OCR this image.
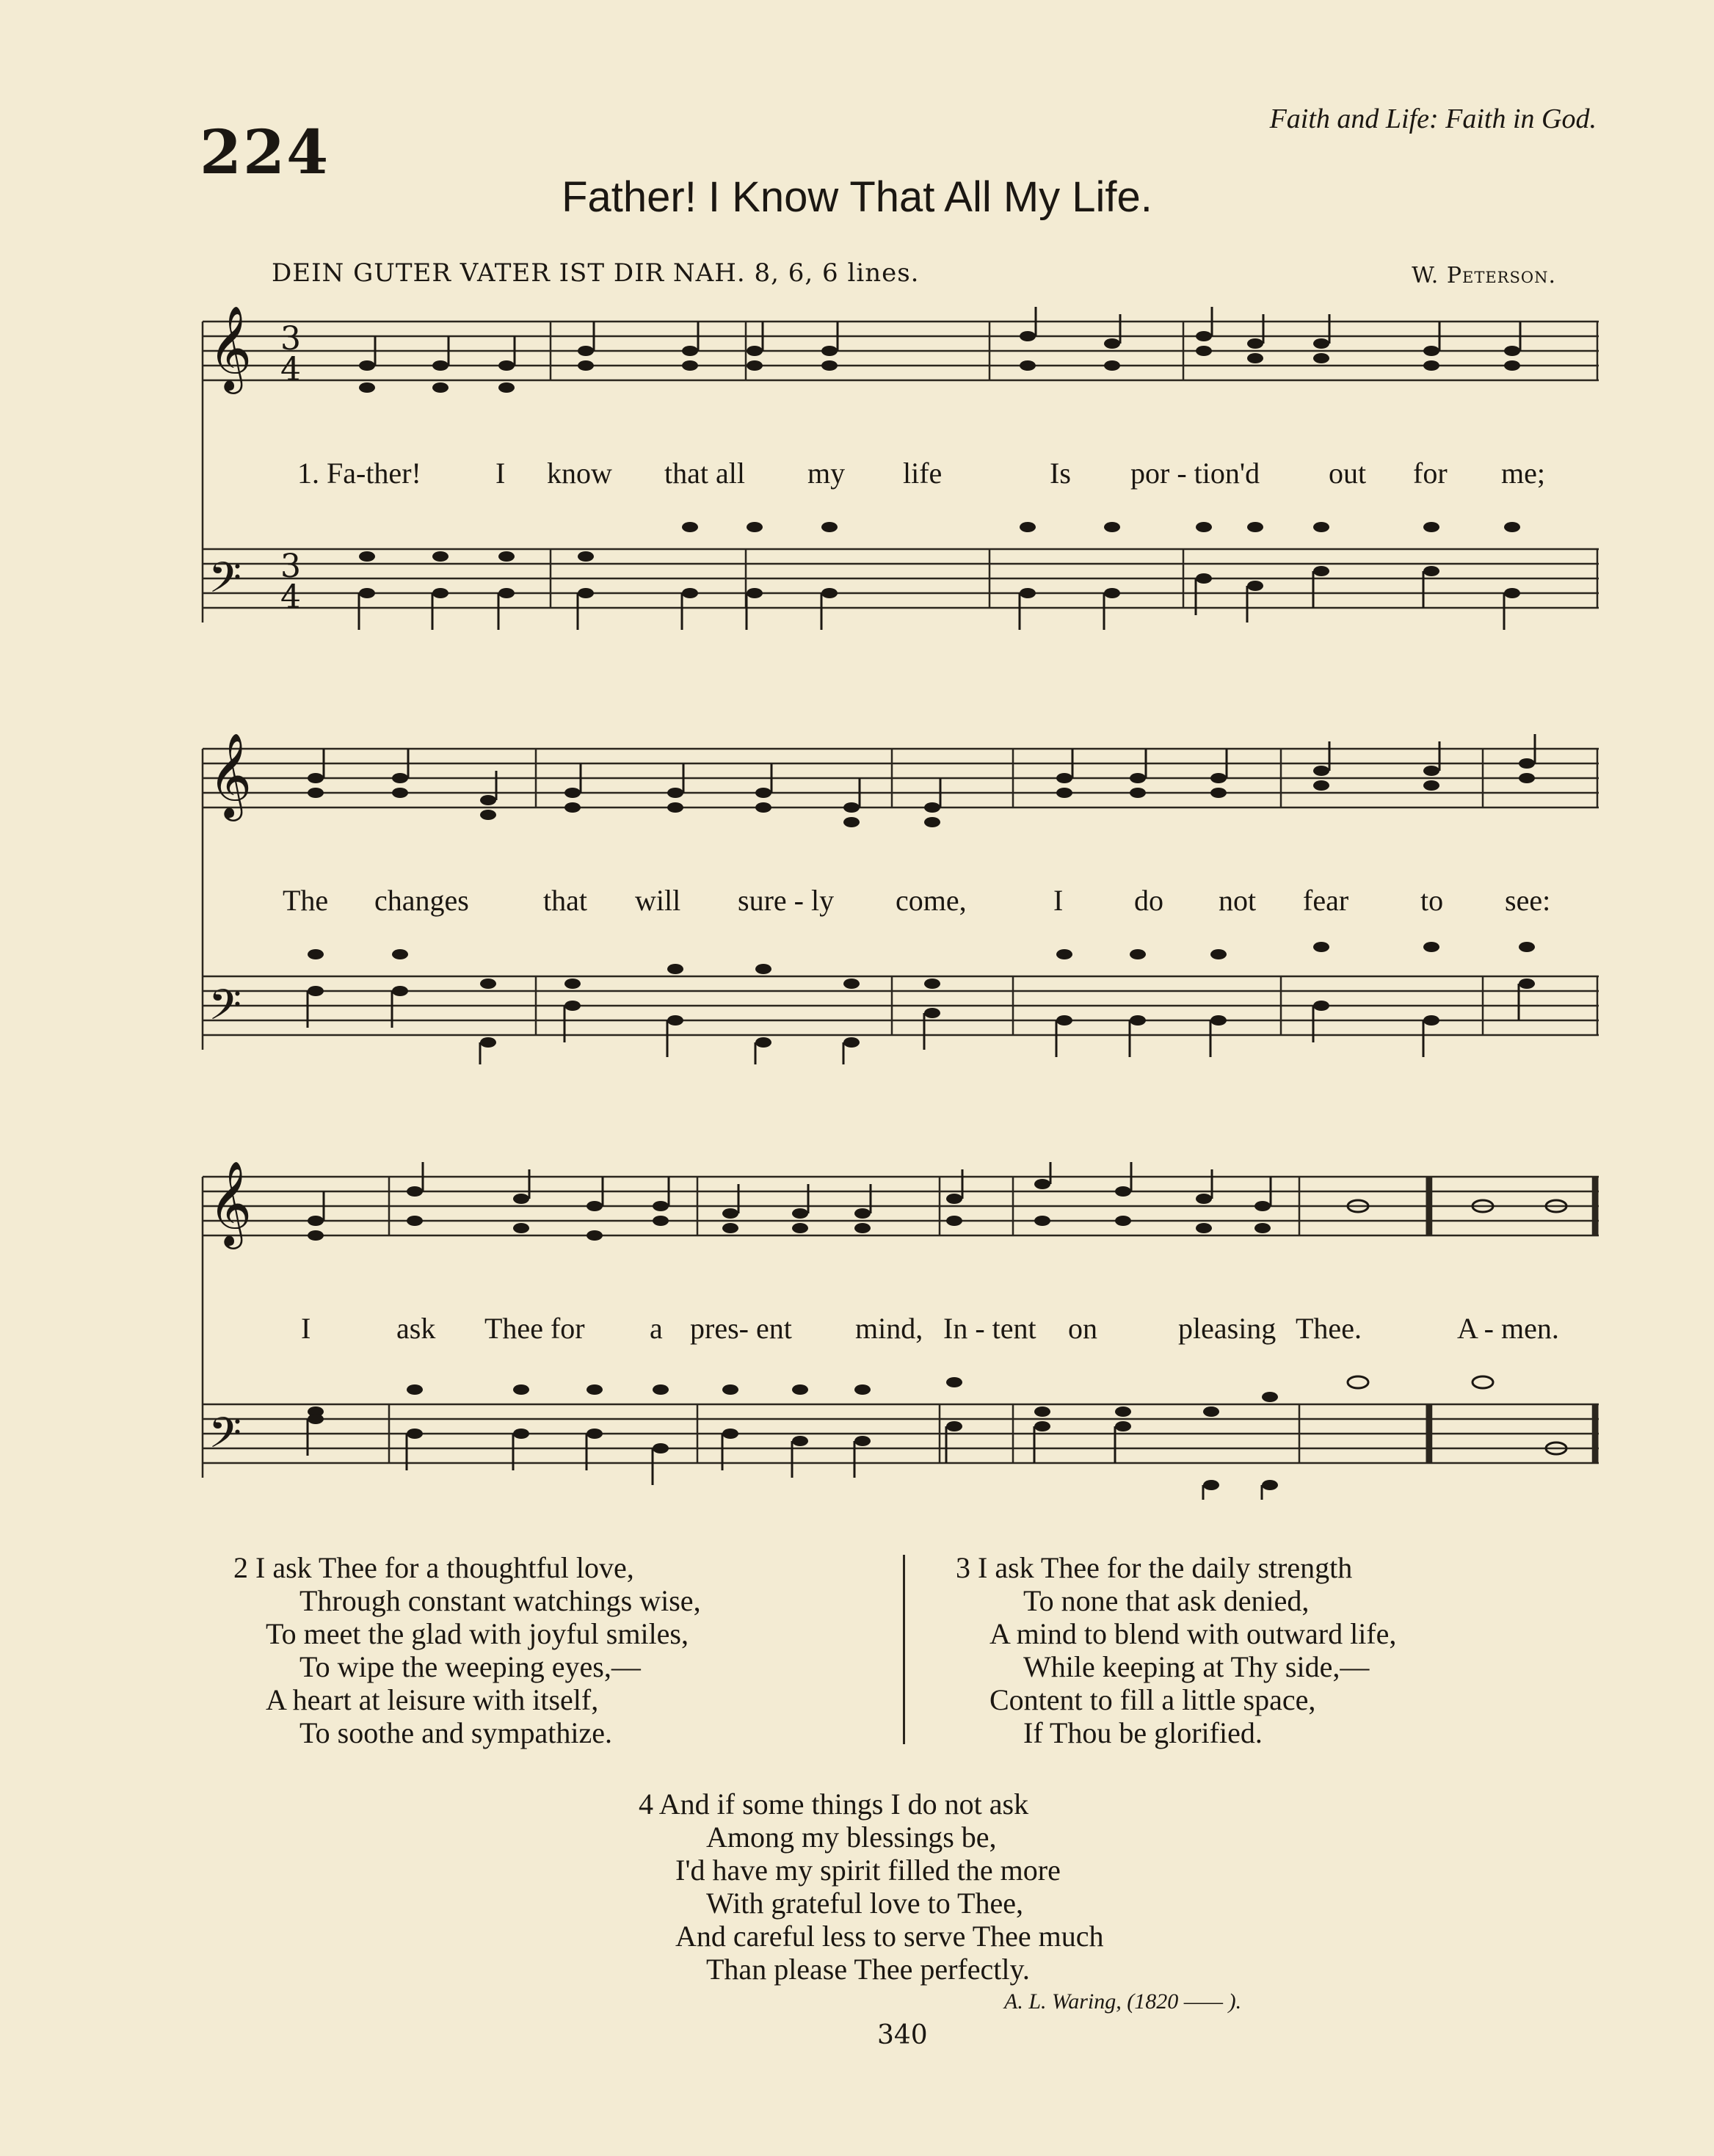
224	Faith and Life: Faith in God.
Father! I Know That All My Life.
DEIN GUTER VATER IST DIR NAH. 8, 6, 6 lines.	W. Peterson.
𝄞
𝄢
3
4
3
4
1. Fa-ther!	I know that all my life	Is por - tion'd out for me;
𝄞
𝄢
The changes	that will sure - ly come,	I do not fear to see:
𝄞
𝄢
I	ask Thee for a pres- ent mind, In - tent on	pleasing Thee.	A - men.
2 I ask Thee for a thoughtful love,
Through constant watchings wise,
To meet the glad with joyful smiles,
To wipe the weeping eyes,—
A heart at leisure with itself,
To soothe and sympathize.
3 I ask Thee for the daily strength
To none that ask denied,
A mind to blend with outward life,
While keeping at Thy side,—
Content to fill a little space,
If Thou be glorified.
4 And if some things I do not ask
Among my blessings be,
I'd have my spirit filled the more
With grateful love to Thee,
And careful less to serve Thee much
Than please Thee perfectly.
A. L. Waring, (1820 —— ).
340
